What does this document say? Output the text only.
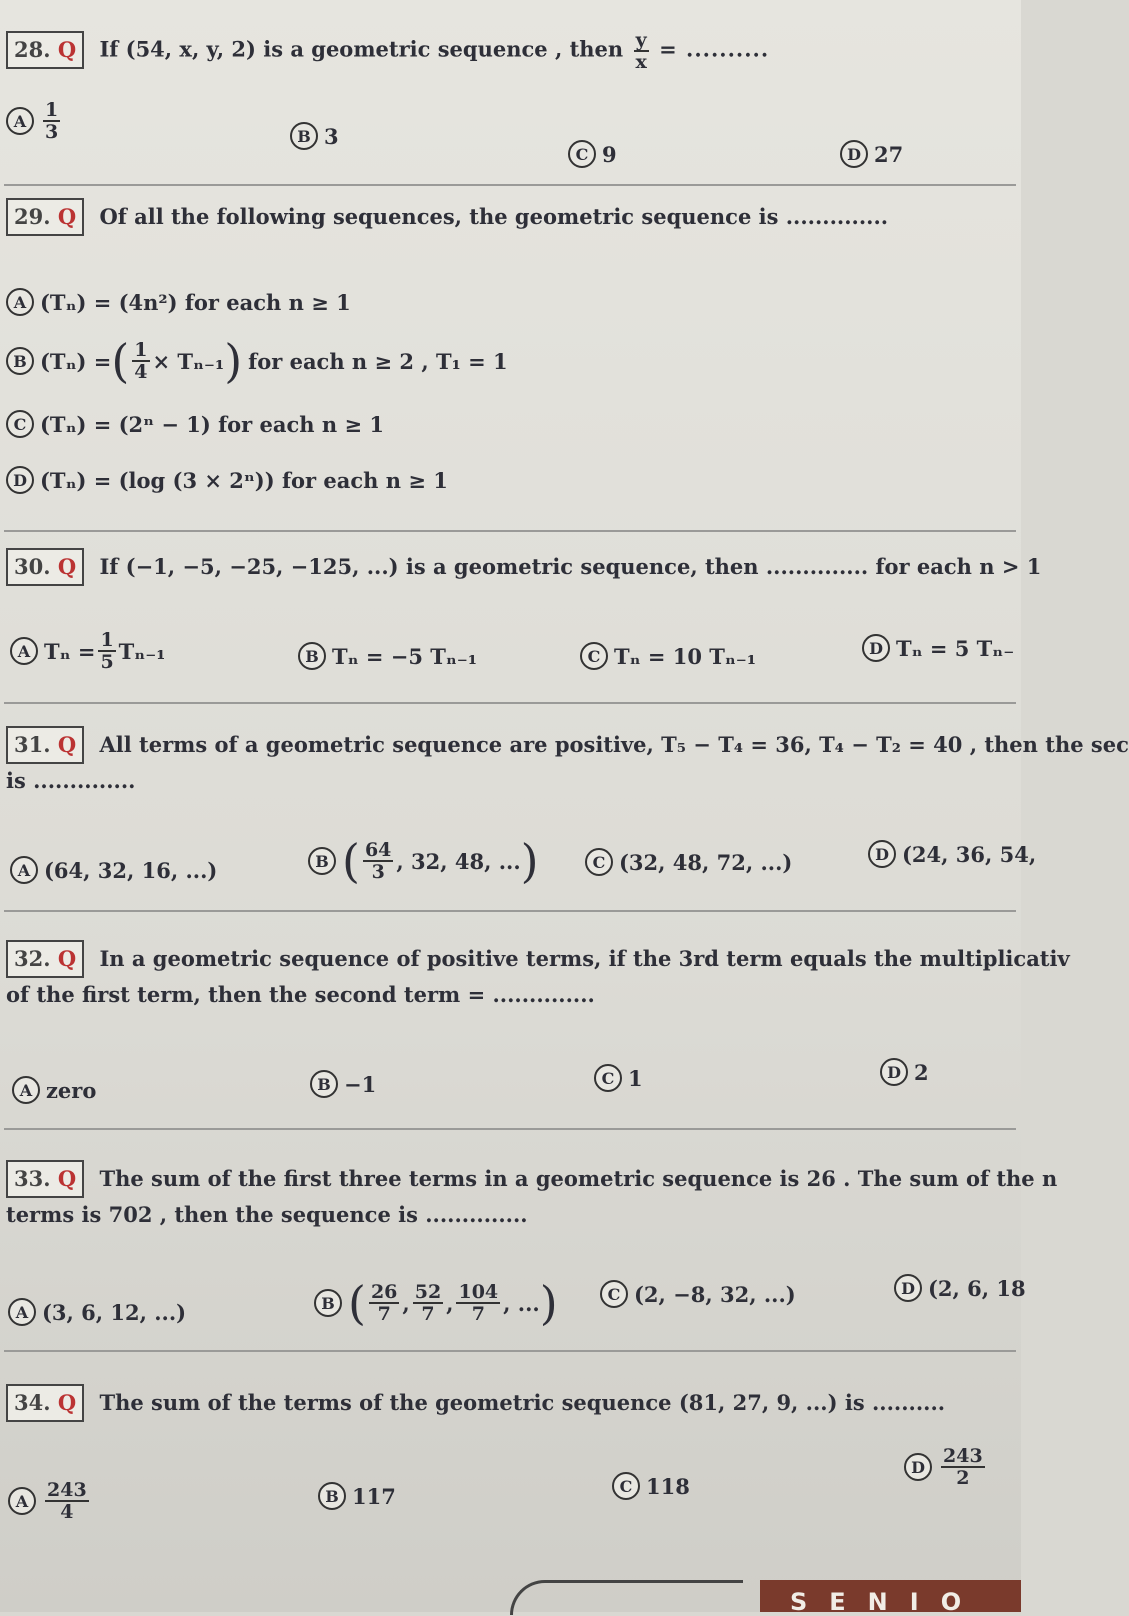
28. Q If (54, x, y, 2) is a geometric sequence , then $\frac{y}{x}$ = ..........
A $\frac{1}{3}$	B 3
C 9	D 27
29. Q Of all the following sequences, the geometric sequence is ..............
A (Tₙ) = (4n²) for each n ≥ 1
B (Tₙ) = ( $\frac{1}{4} \times T_{n-1}$ ) for each n ≥ 2 , T₁ = 1
C (Tₙ) = (2ⁿ − 1) for each n ≥ 1
D (Tₙ) = (log (3 × 2ⁿ)) for each n ≥ 1
30. Q If (−1, −5, −25, −125, ...) is a geometric sequence, then .............. for each n > 1
A $T_n = \frac{1}{5} T_{n-1}$	B Tₙ = −5 Tₙ₋₁	C Tₙ = 10 Tₙ₋₁	D Tₙ = 5 Tₙ₋
31. Q All terms of a geometric sequence are positive, T₅ − T₄ = 36, T₄ − T₂ = 40 , then the sec
is ..............
A (64, 32, 16, ...)	B ( $\frac{64}{3}$ , 32, 48, ... )	C (32, 48, 72, ...)	D (24, 36, 54,
32. Q In a geometric sequence of positive terms, if the 3rd term equals the multiplicativ
of the first term, then the second term = ..............
A zero	B −1	C 1	D 2
33. Q The sum of the first three terms in a geometric sequence is 26 . The sum of the n
terms is 702 , then the sequence is ..............
A (3, 6, 12, ...)	B ( $\frac{26}{7}$ , $\frac{52}{7}$ , $\frac{104}{7}$ , ... )	C (2, −8, 32, ...)	D (2, 6, 18
34. Q The sum of the terms of the geometric sequence (81, 27, 9, ...) is ..........
A $\frac{243}{4}$	B 117	C 118
D $\frac{243}{2}$
SENIO
